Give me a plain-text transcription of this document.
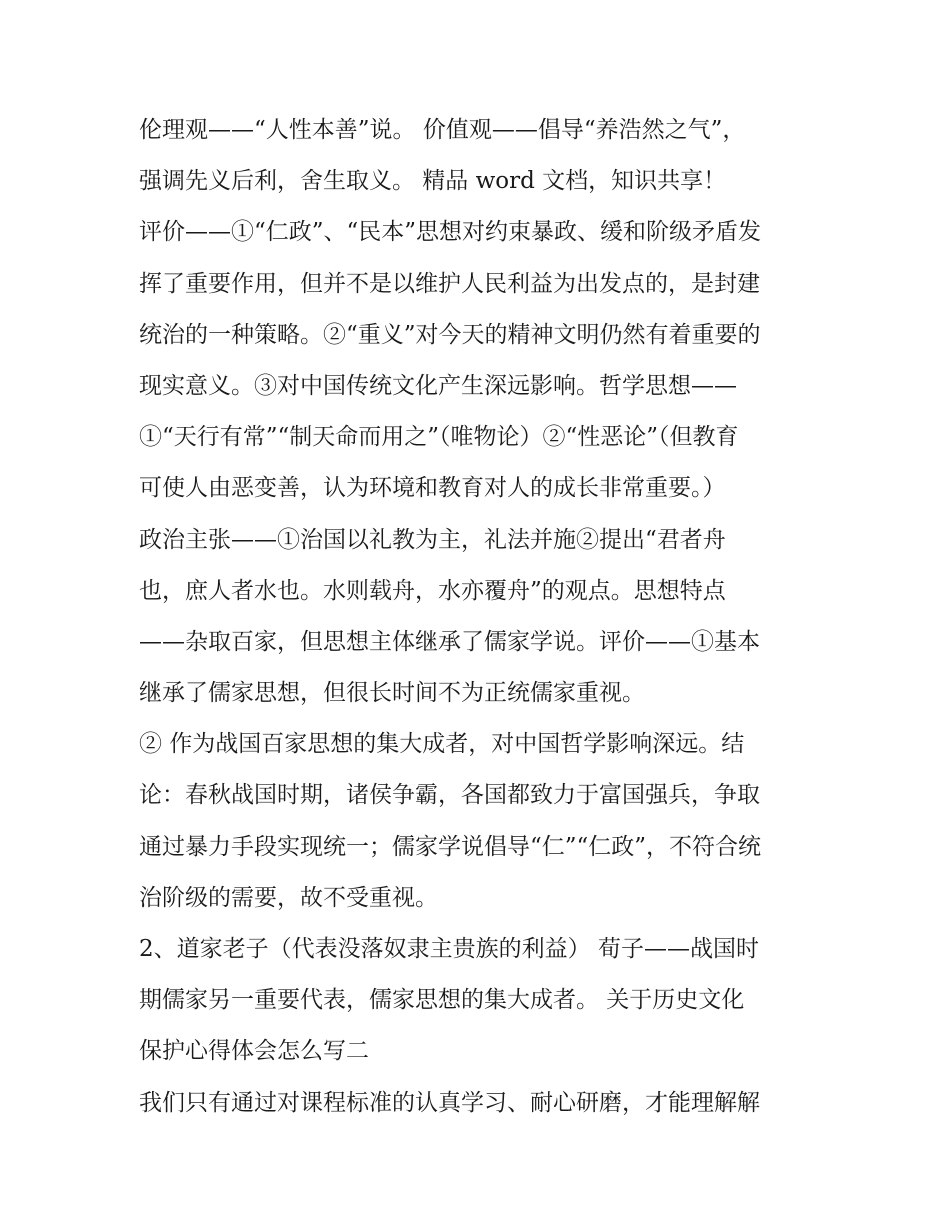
伦理观——“人性本善”说。 价值观——倡导“养浩然之气”，
强调先义后利，舍生取义。 精品 word 文档，知识共享！
评价——①“仁政”、“民本”思想对约束暴政、缓和阶级矛盾发
挥了重要作用，但并不是以维护人民利益为出发点的，是封建
统治的一种策略。②“重义”对今天的精神文明仍然有着重要的
现实意义。③对中国传统文化产生深远影响。哲学思想——
①“天行有常”“制天命而用之”（唯物论）②“性恶论”（但教育
可使人由恶变善，认为环境和教育对人的成长非常重要。）
政治主张——①治国以礼教为主，礼法并施②提出“君者舟
也，庶人者水也。水则载舟，水亦覆舟”的观点。思想特点
——杂取百家，但思想主体继承了儒家学说。评价——①基本
继承了儒家思想，但很长时间不为正统儒家重视。
② 作为战国百家思想的集大成者，对中国哲学影响深远。结
论：春秋战国时期，诸侯争霸，各国都致力于富国强兵，争取
通过暴力手段实现统一；儒家学说倡导“仁”“仁政”，不符合统
治阶级的需要，故不受重视。
2、道家老子（代表没落奴隶主贵族的利益） 荀子——战国时
期儒家另一重要代表，儒家思想的集大成者。 关于历史文化
保护心得体会怎么写二
我们只有通过对课程标准的认真学习、耐心研磨，才能理解解
